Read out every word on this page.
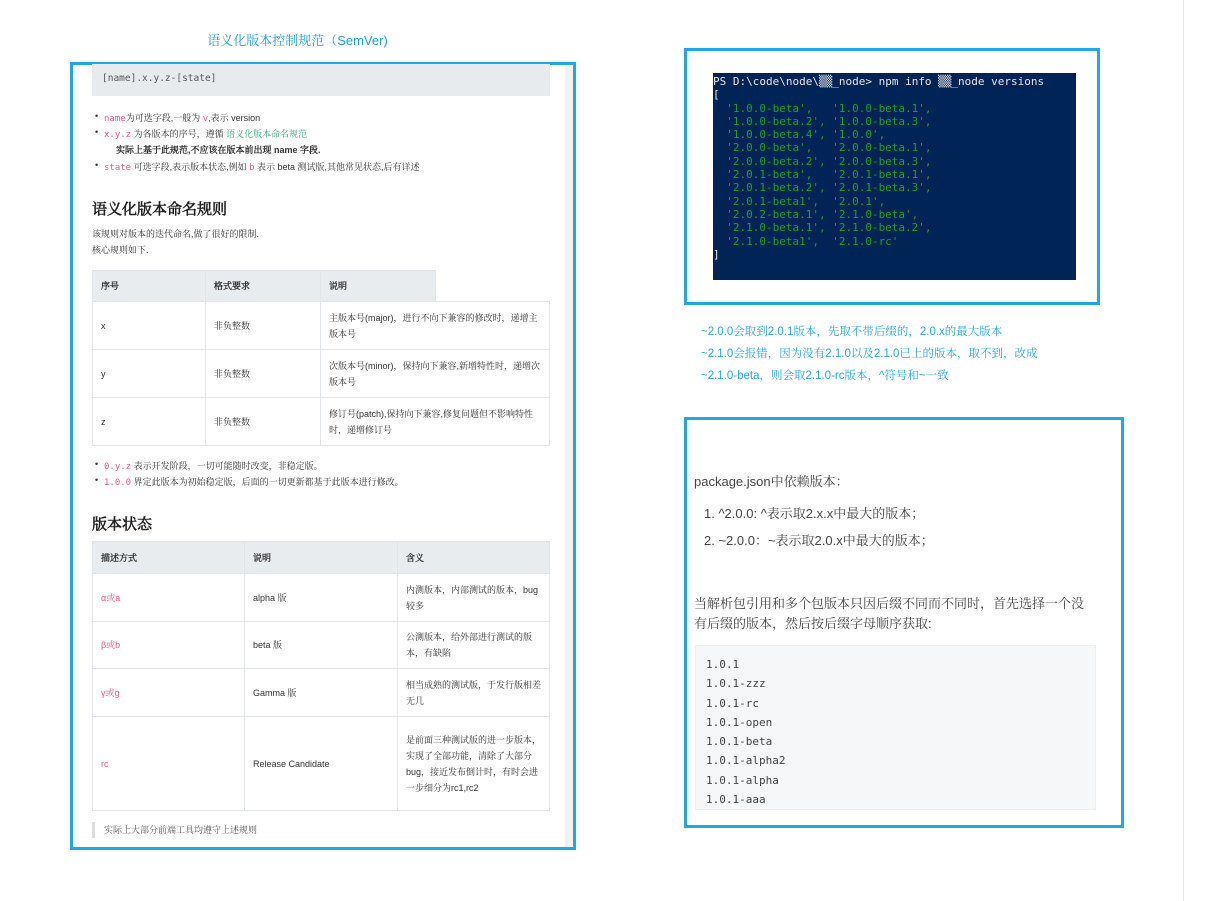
语义化版本控制规范（SemVer)
[name].x.y.z-[state]
• name为可选字段,一般为 v,表示 version
• x.y.z 为各版本的序号，遵循 语义化版本命名规范
实际上基于此规范,不应该在版本前出现 name 字段.
• state 可选字段,表示版本状态,例如 b 表示 beta 测试版,其他常见状态,后有详述
语义化版本命名规则
该规则对版本的迭代命名,做了很好的限制.
核心规则如下.
序号	格式要求	说明	
x	非负整数	主版本号(major)，进行不向下兼容的修改时，递增主版本号	
y	非负整数	次版本号(minor)，保持向下兼容,新增特性时，递增次版本号	
z	非负整数	修订号(patch),保持向下兼容,修复问题但不影响特性时，递增修订号	
• 0.y.z 表示开发阶段，一切可能随时改变，非稳定版。
• 1.0.0 界定此版本为初始稳定版，后面的一切更新都基于此版本进行修改。
版本状态
描述方式	说明	含义
α或a	alpha 版	内测版本，内部测试的版本，bug 较多
β或b	beta 版	公测版本，给外部进行测试的版本，有缺陷
γ或g	Gamma 版	相当成熟的测试版，于发行版相差无几
rc	Release Candidate	是前面三种测试版的进一步版本，实现了全部功能，清除了大部分 bug，接近发布倒计时，有时会进一步细分为rc1,rc2
实际上大部分前端工具均遵守上述规则
PS D:\code\node\▒▒_node> npm info ▒▒_node versions
[
'1.0.0-beta',   '1.0.0-beta.1',
'1.0.0-beta.2', '1.0.0-beta.3',
'1.0.0-beta.4', '1.0.0',
'2.0.0-beta',   '2.0.0-beta.1',
'2.0.0-beta.2', '2.0.0-beta.3',
'2.0.1-beta',   '2.0.1-beta.1',
'2.0.1-beta.2', '2.0.1-beta.3',
'2.0.1-beta1',  '2.0.1',
'2.0.2-beta.1', '2.1.0-beta',
'2.1.0-beta.1', '2.1.0-beta.2',
'2.1.0-beta1',  '2.1.0-rc'
]
~2.0.0会取到2.0.1版本，先取不带后缀的，2.0.x的最大版本
~2.1.0会报错，因为没有2.1.0以及2.1.0已上的版本，取不到，改成
~2.1.0-beta，则会取2.1.0-rc版本，^符号和~一致
package.json中依赖版本：
1. ^2.0.0: ^表示取2.x.x中最大的版本；
2. ~2.0.0：~表示取2.0.x中最大的版本；
当解析包引用和多个包版本只因后缀不同而不同时，首先选择一个没
有后缀的版本，然后按后缀字母顺序获取:
1.0.1
1.0.1-zzz
1.0.1-rc
1.0.1-open
1.0.1-beta
1.0.1-alpha2
1.0.1-alpha
1.0.1-aaa
